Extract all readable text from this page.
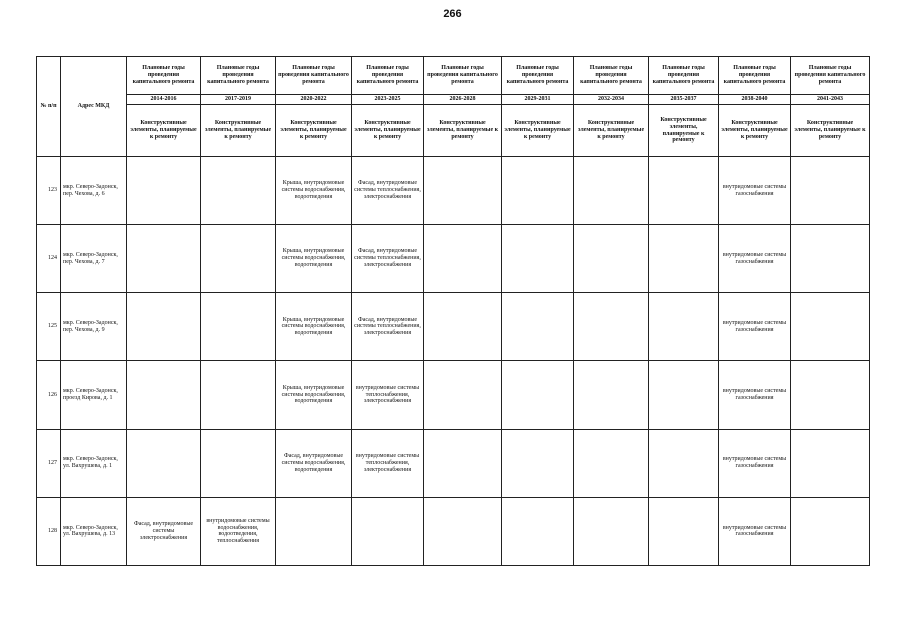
266
№ п/п	Адрес МКД	Плановые годы проведения капитального ремонта	Плановые годы проведения капитального ремонта	Плановые годы проведения капитального ремонта	Плановые годы проведения капитального ремонта	Плановые годы проведения капитального ремонта	Плановые годы проведения капитального ремонта	Плановые годы проведения капитального ремонта	Плановые годы проведения капитального ремонта	Плановые годы проведения капитального ремонта	Плановые годы проведения капитального ремонта
		2014-2016	2017-2019	2020-2022	2023-2025	2026-2028	2029-2031	2032-2034	2035-2037	2038-2040	2041-2043
		Конструктивные элементы, планируемые к ремонту	Конструктивные элементы, планируемые к ремонту	Конструктивные элементы, планируемые к ремонту	Конструктивные элементы, планируемые к ремонту	Конструктивные элементы, планируемые к ремонту	Конструктивные элементы, планируемые к ремонту	Конструктивные элементы, планируемые к ремонту	Конструктивные элементы, планируемые к ремонту	Конструктивные элементы, планируемые к ремонту	Конструктивные элементы, планируемые к ремонту
123	мкр. Северо-Задонск, пер. Чехова, д. 6			Крыша, внутридомовые системы водоснабжения, водоотведения	Фасад, внутридомовые системы теплоснабжения, электроснабжения					внутридомовые системы газоснабжения	
124	мкр. Северо-Задонск, пер. Чехова, д. 7			Крыша, внутридомовые системы водоснабжения, водоотведения	Фасад, внутридомовые системы теплоснабжения, электроснабжения					внутридомовые системы газоснабжения	
125	мкр. Северо-Задонск, пер. Чехова, д. 9			Крыша, внутридомовые системы водоснабжения, водоотведения	Фасад, внутридомовые системы теплоснабжения, электроснабжения					внутридомовые системы газоснабжения	
126	мкр. Северо-Задонск, проезд Кирова, д. 1			Крыша, внутридомовые системы водоснабжения, водоотведения	внутридомовые системы теплоснабжения, электроснабжения					внутридомовые системы газоснабжения	
127	мкр. Северо-Задонск, ул. Вахрушева, д. 1			Фасад, внутридомовые системы водоснабжения, водоотведения	внутридомовые системы теплоснабжения, электроснабжения					внутридомовые системы газоснабжения	
128	мкр. Северо-Задонск, ул. Вахрушева, д. 13	Фасад, внутридомовые системы электроснабжения	внутридомовые системы водоснабжения, водоотведения, теплоснабжения							внутридомовые системы газоснабжения	
